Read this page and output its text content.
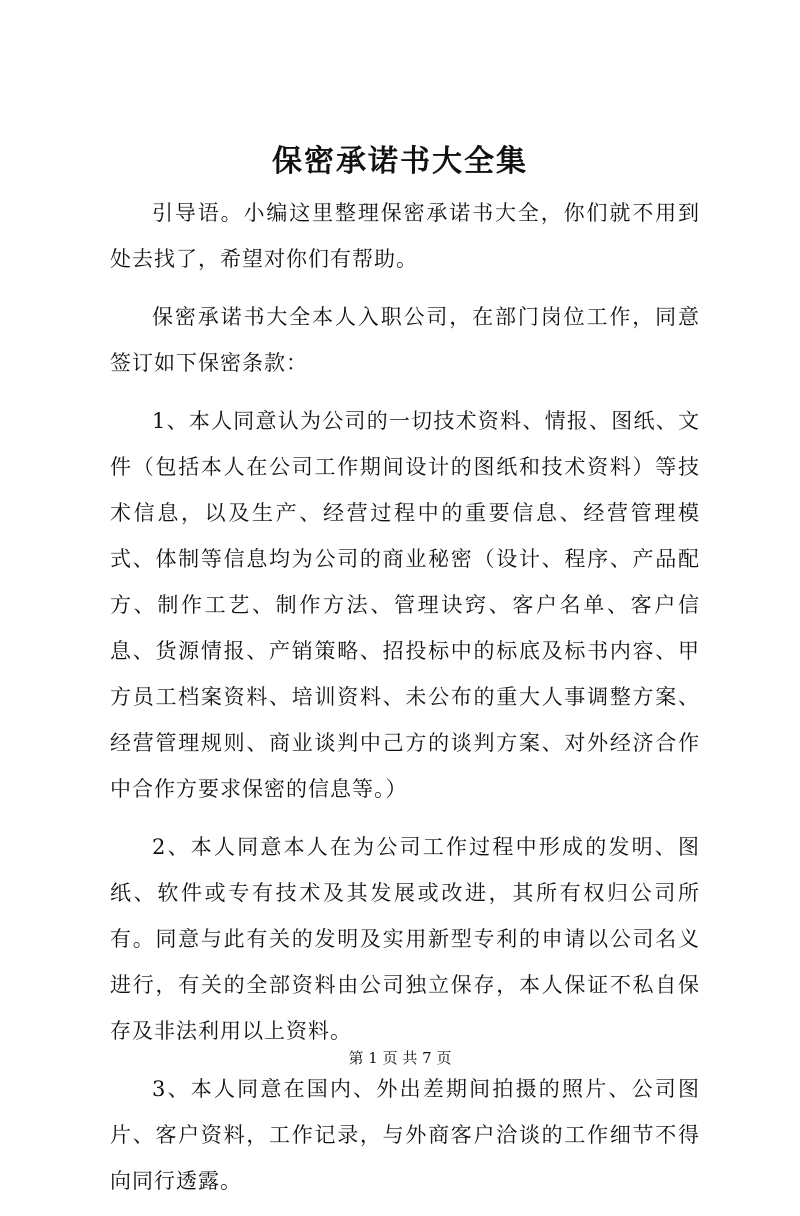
保密承诺书大全集

引导语。小编这里整理保密承诺书大全，你们就不用到处去找了，希望对你们有帮助。

保密承诺书大全本人入职公司，在部门岗位工作，同意签订如下保密条款：

1、本人同意认为公司的一切技术资料、情报、图纸、文件（包括本人在公司工作期间设计的图纸和技术资料）等技术信息，以及生产、经营过程中的重要信息、经营管理模式、体制等信息均为公司的商业秘密（设计、程序、产品配方、制作工艺、制作方法、管理诀窍、客户名单、客户信息、货源情报、产销策略、招投标中的标底及标书内容、甲方员工档案资料、培训资料、未公布的重大人事调整方案、经营管理规则、商业谈判中己方的谈判方案、对外经济合作中合作方要求保密的信息等。）

2、本人同意本人在为公司工作过程中形成的发明、图纸、软件或专有技术及其发展或改进，其所有权归公司所有。同意与此有关的发明及实用新型专利的申请以公司名义进行，有关的全部资料由公司独立保存，本人保证不私自保存及非法利用以上资料。

3、本人同意在国内、外出差期间拍摄的照片、公司图片、客户资料，工作记录，与外商客户洽谈的工作细节不得向同行透露。

第 1 页 共 7 页
